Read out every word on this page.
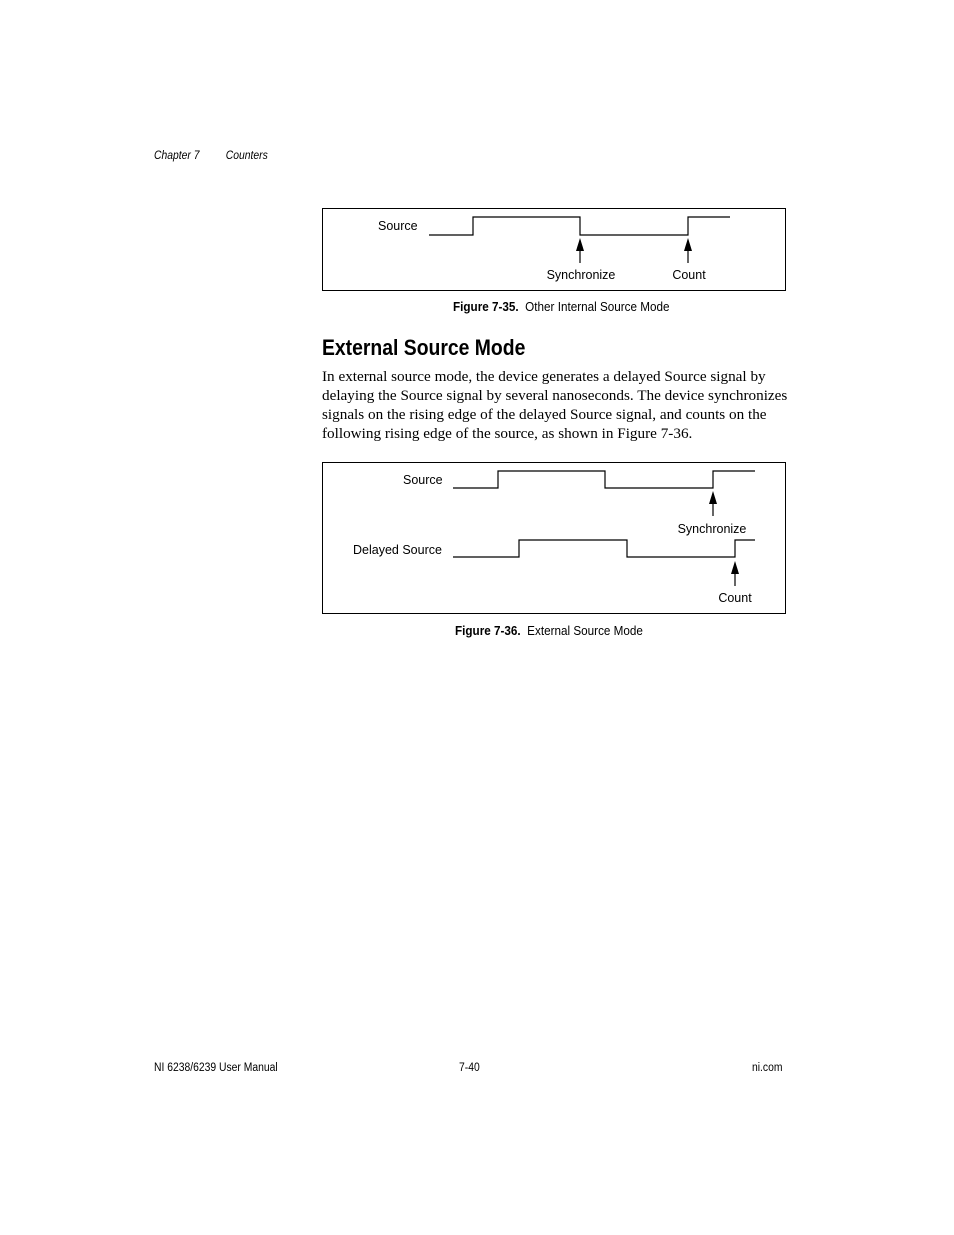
Chapter 7 Counters
Source
Synchronize	Count
Figure 7-35. Other Internal Source Mode
External Source Mode

In external source mode, the device generates a delayed Source signal by delaying the Source signal by several nanoseconds. The device synchronizes signals on the rising edge of the delayed Source signal, and counts on the following rising edge of the source, as shown in Figure 7-36.

Source
Synchronize
Delayed Source
Count
Figure 7-36. External Source Mode
NI 6238/6239 User Manual	7-40	ni.com
